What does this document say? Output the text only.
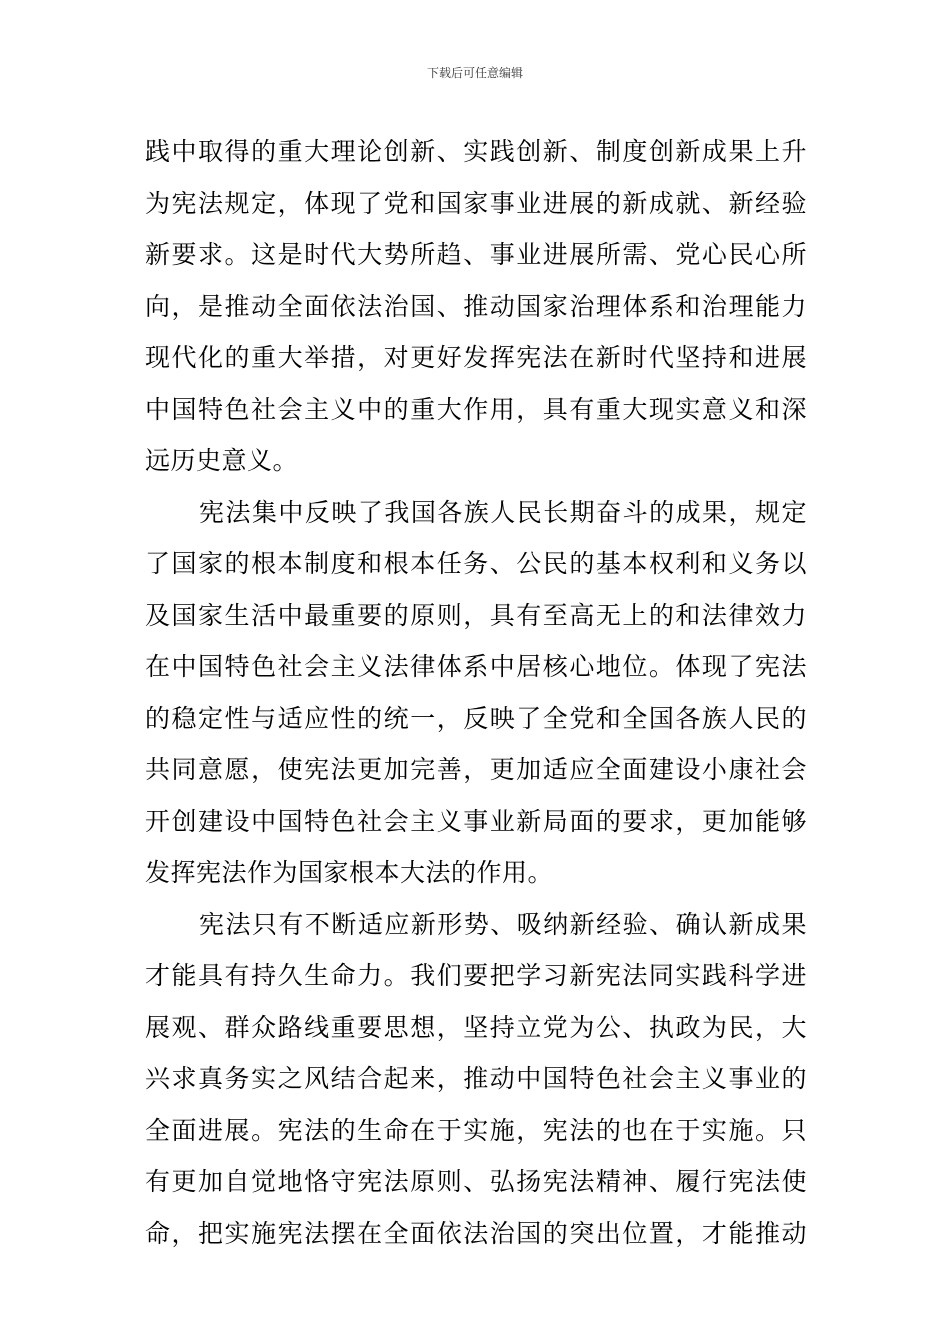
下载后可任意编辑
践中取得的重大理论创新、实践创新、制度创新成果上升
为宪法规定，体现了党和国家事业进展的新成就、新经验
新要求。这是时代大势所趋、事业进展所需、党心民心所
向，是推动全面依法治国、推动国家治理体系和治理能力
现代化的重大举措，对更好发挥宪法在新时代坚持和进展
中国特色社会主义中的重大作用，具有重大现实意义和深
远历史意义。
宪法集中反映了我国各族人民长期奋斗的成果，规定
了国家的根本制度和根本任务、公民的基本权利和义务以
及国家生活中最重要的原则，具有至高无上的和法律效力
在中国特色社会主义法律体系中居核心地位。体现了宪法
的稳定性与适应性的统一，反映了全党和全国各族人民的
共同意愿，使宪法更加完善，更加适应全面建设小康社会
开创建设中国特色社会主义事业新局面的要求，更加能够
发挥宪法作为国家根本大法的作用。
宪法只有不断适应新形势、吸纳新经验、确认新成果
才能具有持久生命力。我们要把学习新宪法同实践科学进
展观、群众路线重要思想，坚持立党为公、执政为民，大
兴求真务实之风结合起来，推动中国特色社会主义事业的
全面进展。宪法的生命在于实施，宪法的也在于实施。只
有更加自觉地恪守宪法原则、弘扬宪法精神、履行宪法使
命，把实施宪法摆在全面依法治国的突出位置，才能推动
